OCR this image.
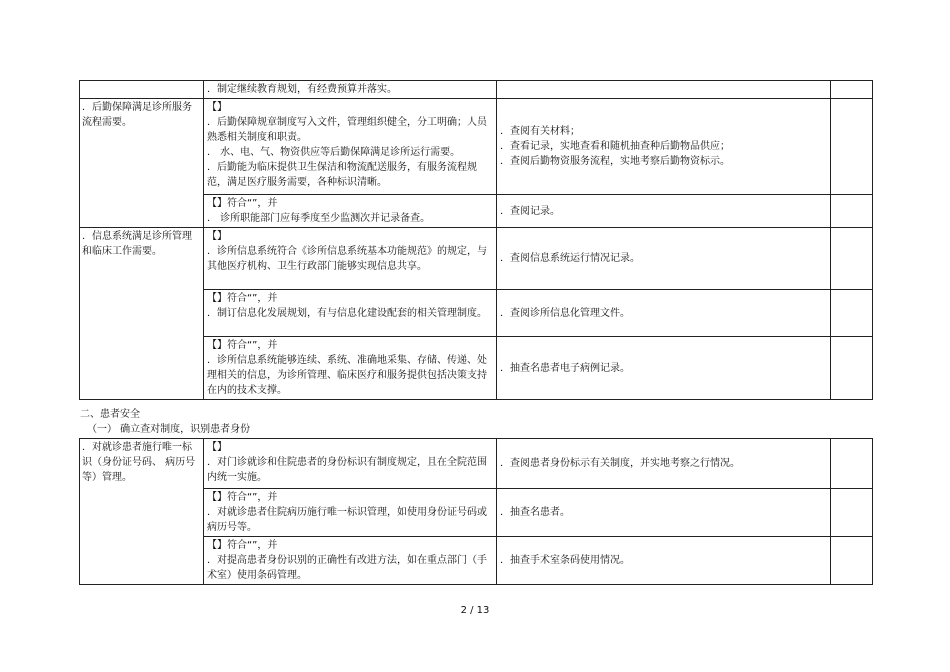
	．制定继续教育规划，有经费预算并落实。		

．后勤保障满足诊所服务流程需要。	【】
．后勤保障规章制度写入文件，管理组织健全，分工明确；人员熟悉相关制度和职责。
． 水、电、气、物资供应等后勤保障满足诊所运行需要。
．后勤能为临床提供卫生保洁和物流配送服务，有服务流程规范，满足医疗服务需要，各种标识清晰。	．查阅有关材料；
．查看记录，实地查看和随机抽查种后勤物品供应；
．查阅后勤物资服务流程，实地考察后勤物资标示。	

	【】符合“”，并
． 诊所职能部门应每季度至少监测次并记录备查。	．查阅记录。	

．信息系统满足诊所管理和临床工作需要。	【】
．诊所信息系统符合《诊所信息系统基本功能规范》的规定，与其他医疗机构、卫生行政部门能够实现信息共享。	．查阅信息系统运行情况记录。	

	【】符合“”，并
．制订信息化发展规划，有与信息化建设配套的相关管理制度。	．查阅诊所信息化管理文件。	

	【】符合“”，并
．诊所信息系统能够连续、系统、准确地采集、存储、传递、处理相关的信息，为诊所管理、临床医疗和服务提供包括决策支持在内的技术支撑。	．抽查名患者电子病例记录。	

二、患者安全
（一） 确立查对制度，识别患者身份
．对就诊患者施行唯一标识（身份证号码、 病历号等）管理。	【】
．对门诊就诊和住院患者的身份标识有制度规定，且在全院范围内统一实施。	．查阅患者身份标示有关制度，并实地考察之行情况。	

	【】符合“”，并
．对就诊患者住院病历施行唯一标识管理，如使用身份证号码或病历号等。	．抽查名患者。	

	【】符合“”，并
．对提高患者身份识别的正确性有改进方法，如在重点部门（手术室）使用条码管理。	．抽查手术室条码使用情况。	

2 / 13
